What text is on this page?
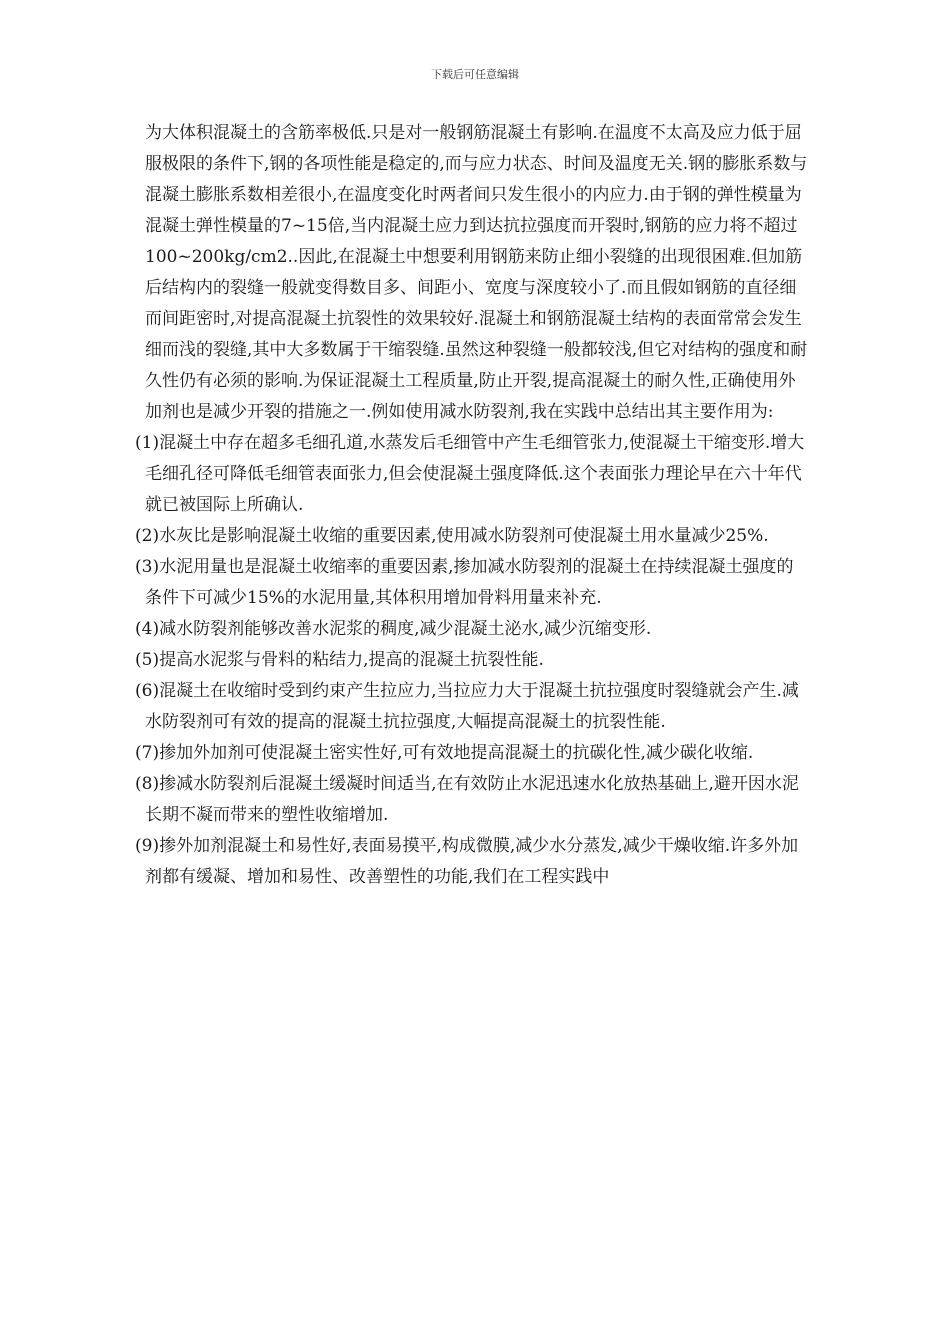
下载后可任意编辑

为大体积混凝土的含筋率极低.只是对一般钢筋混凝土有影响.在温度不太高及应力低于屈服极限的条件下,钢的各项性能是稳定的,而与应力状态、时间及温度无关.钢的膨胀系数与混凝土膨胀系数相差很小,在温度变化时两者间只发生很小的内应力.由于钢的弹性模量为混凝土弹性模量的7~15倍,当内混凝土应力到达抗拉强度而开裂时,钢筋的应力将不超过100~200kg/cm2..因此,在混凝土中想要利用钢筋来防止细小裂缝的出现很困难.但加筋后结构内的裂缝一般就变得数目多、间距小、宽度与深度较小了.而且假如钢筋的直径细而间距密时,对提高混凝土抗裂性的效果较好.混凝土和钢筋混凝土结构的表面常常会发生细而浅的裂缝,其中大多数属于干缩裂缝.虽然这种裂缝一般都较浅,但它对结构的强度和耐久性仍有必须的影响.为保证混凝土工程质量,防止开裂,提高混凝土的耐久性,正确使用外加剂也是减少开裂的措施之一.例如使用减水防裂剂,我在实践中总结出其主要作用为:

(1)混凝土中存在超多毛细孔道,水蒸发后毛细管中产生毛细管张力,使混凝土干缩变形.增大毛细孔径可降低毛细管表面张力,但会使混凝土强度降低.这个表面张力理论早在六十年代就已被国际上所确认.

(2)水灰比是影响混凝土收缩的重要因素,使用减水防裂剂可使混凝土用水量减少25%.

(3)水泥用量也是混凝土收缩率的重要因素,掺加减水防裂剂的混凝土在持续混凝土强度的条件下可减少15%的水泥用量,其体积用增加骨料用量来补充.

(4)减水防裂剂能够改善水泥浆的稠度,减少混凝土泌水,减少沉缩变形.

(5)提高水泥浆与骨料的粘结力,提高的混凝土抗裂性能.

(6)混凝土在收缩时受到约束产生拉应力,当拉应力大于混凝土抗拉强度时裂缝就会产生.减水防裂剂可有效的提高的混凝土抗拉强度,大幅提高混凝土的抗裂性能.

(7)掺加外加剂可使混凝土密实性好,可有效地提高混凝土的抗碳化性,减少碳化收缩.

(8)掺减水防裂剂后混凝土缓凝时间适当,在有效防止水泥迅速水化放热基础上,避开因水泥长期不凝而带来的塑性收缩增加.

(9)掺外加剂混凝土和易性好,表面易摸平,构成微膜,减少水分蒸发,减少干燥收缩.许多外加剂都有缓凝、增加和易性、改善塑性的功能,我们在工程实践中
